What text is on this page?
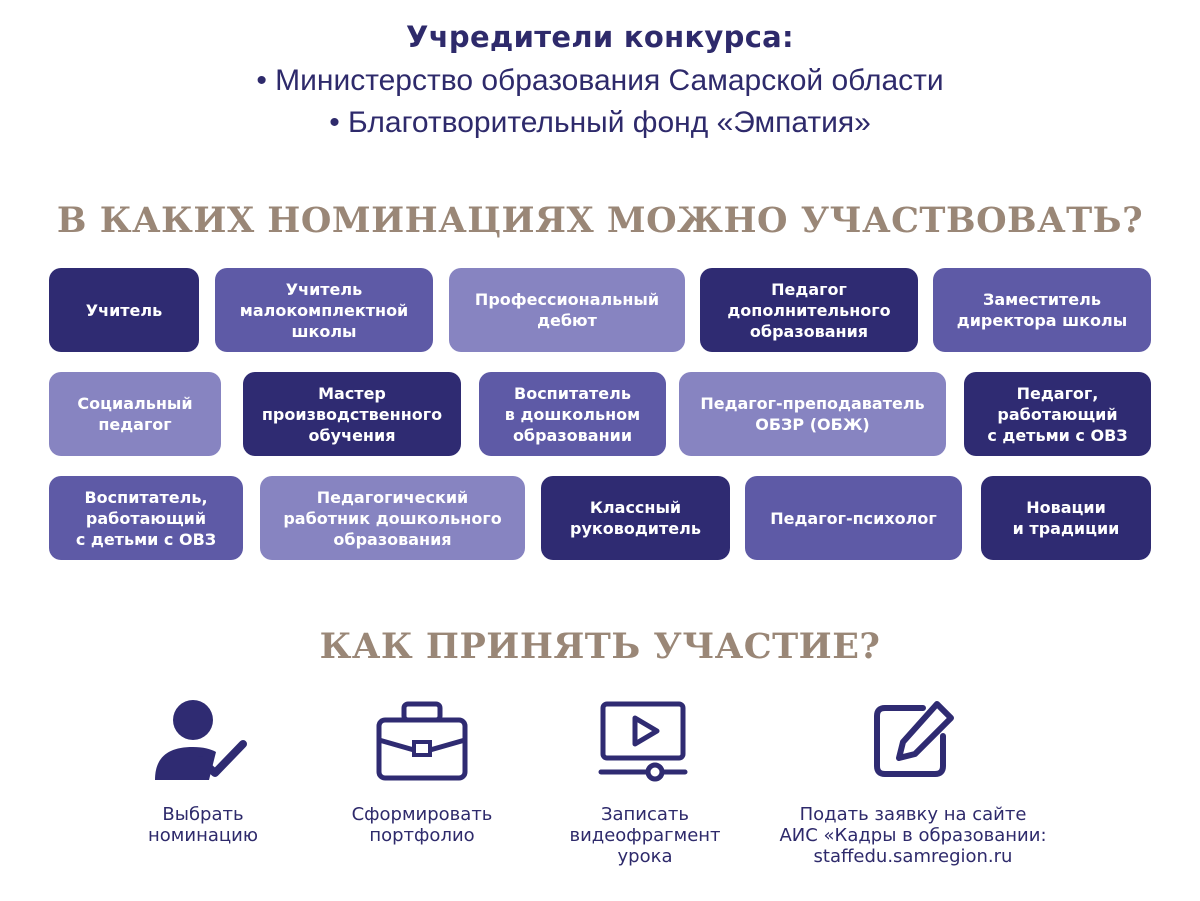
Учредители конкурса:
• Министерство образования Самарской области
• Благотворительный фонд «Эмпатия»
В КАКИХ НОМИНАЦИЯХ МОЖНО УЧАСТВОВАТЬ?
Учитель
Учитель
малокомплектной
школы
Профессиональный
дебют
Педагог
дополнительного
образования
Заместитель
директора школы
Социальный
педагог
Мастер
производственного
обучения
Воспитатель
в дошкольном
образовании
Педагог-преподаватель
ОБЗР (ОБЖ)
Педагог,
работающий
с детьми с ОВЗ
Воспитатель,
работающий
с детьми с ОВЗ
Педагогический
работник дошкольного
образования
Классный
руководитель
Педагог-психолог
Новации
и традиции
КАК ПРИНЯТЬ УЧАСТИЕ?
Выбрать
номинацию
Сформировать
портфолио
Записать
видеофрагмент
урока
Подать заявку на сайте
АИС «Кадры в образовании:
staffedu.samregion.ru
